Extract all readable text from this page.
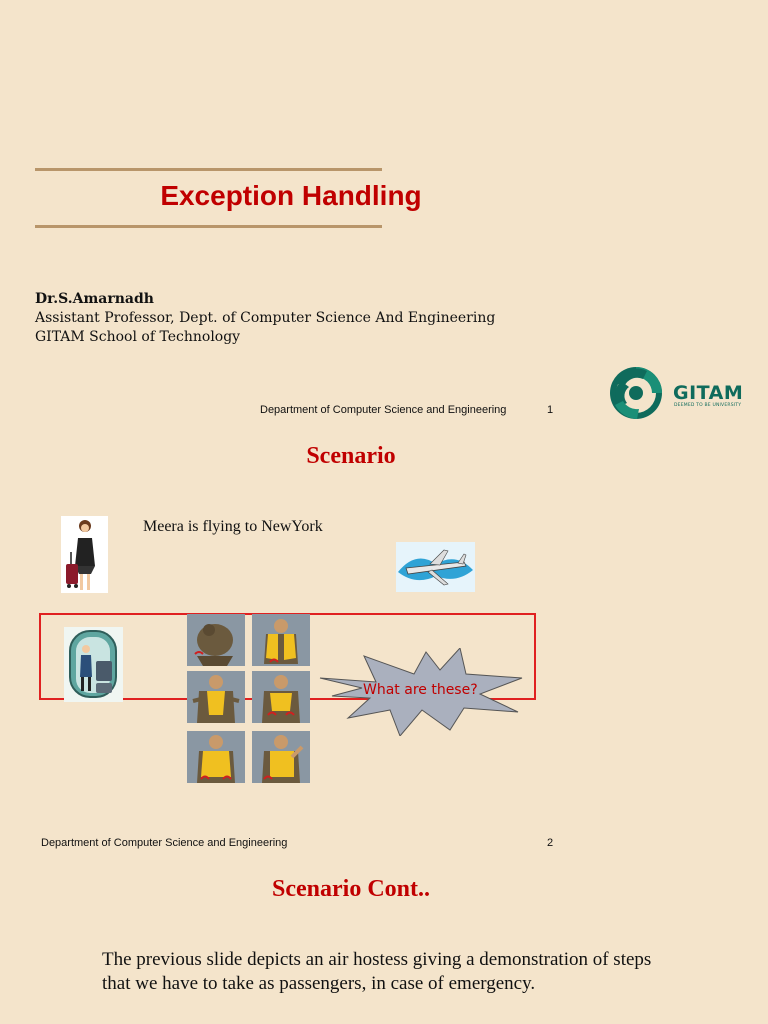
Exception Handling
Dr.S.Amarnadh
Assistant Professor, Dept. of Computer Science And Engineering
GITAM School of Technology
Department of Computer Science and Engineering	1
GITAM
DEEMED TO BE UNIVERSITY
Scenario
Meera is flying to NewYork
What are these?
Department of Computer Science and Engineering	2
Scenario Cont..
The previous slide depicts an air hostess giving a demonstration of steps
that we have to take as passengers, in case of emergency.
